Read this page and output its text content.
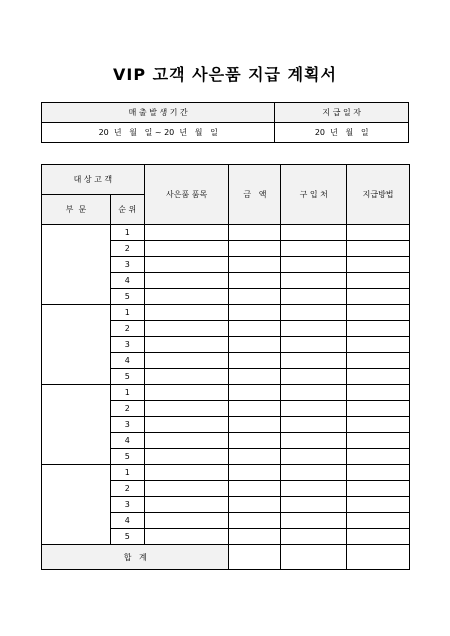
VIP 고객 사은품 지급 계획서
매 출 발 생 기 간	지 급 일 자
20  년   월   일 ~ 20  년   월   일	20  년   월   일
대 상 고 객		사은품 품목	금   액	구 입 처	지급방법
부  문	순 위				
	1				
	2				
	3				
	4				
	5				
	1				
	2				
	3				
	4				
	5				
	1				
	2				
	3				
	4				
	5				
	1				
	2				
	3				
	4				
	5				
합   계					
